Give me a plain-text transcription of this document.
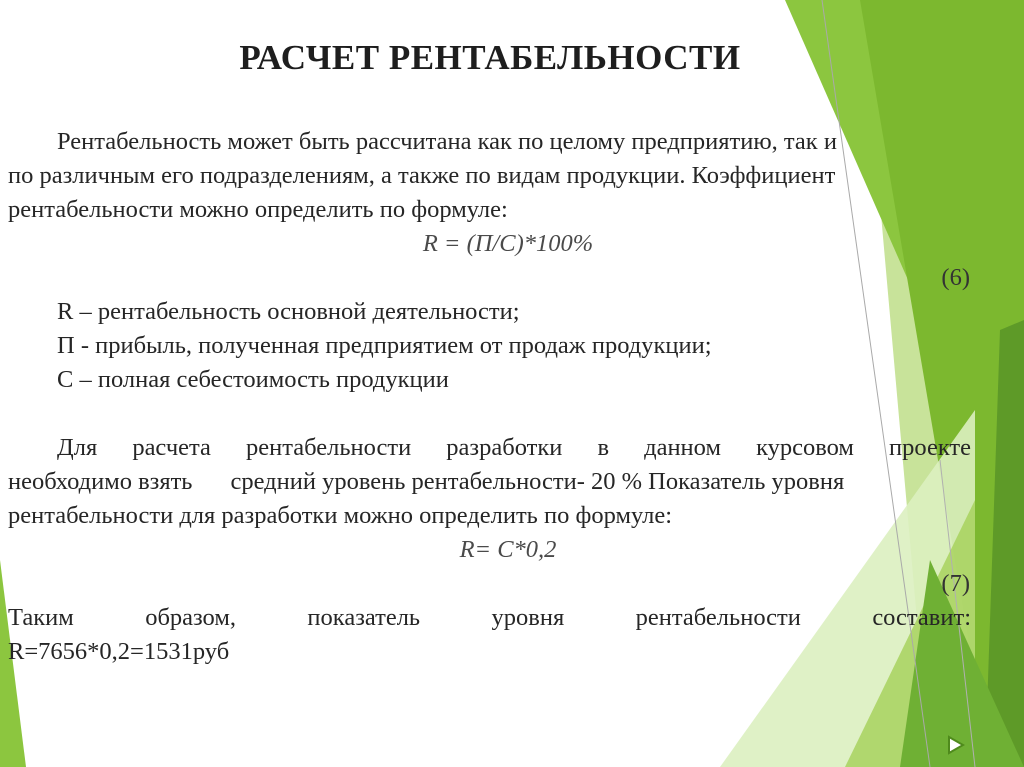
РАСЧЕТ РЕНТАБЕЛЬНОСТИ
Рентабельность может быть рассчитана как по целому предприятию, так и
по различным его подразделениям, а также по видам продукции. Коэффициент
рентабельности можно определить по формуле:
R = (П/С)*100%
(6)
R – рентабельность основной деятельности;
П - прибыль, полученная предприятием от продаж продукции;
С – полная себестоимость продукции
Для расчета рентабельности разработки в данном курсовом проекте
необходимо взять средний уровень рентабельности- 20 % Показатель уровня
рентабельности для разработки можно определить по формуле:
R= С*0,2
(7)
Таким	образом,	показатель	уровня	рентабельности	составит:
R=7656*0,2=1531руб
